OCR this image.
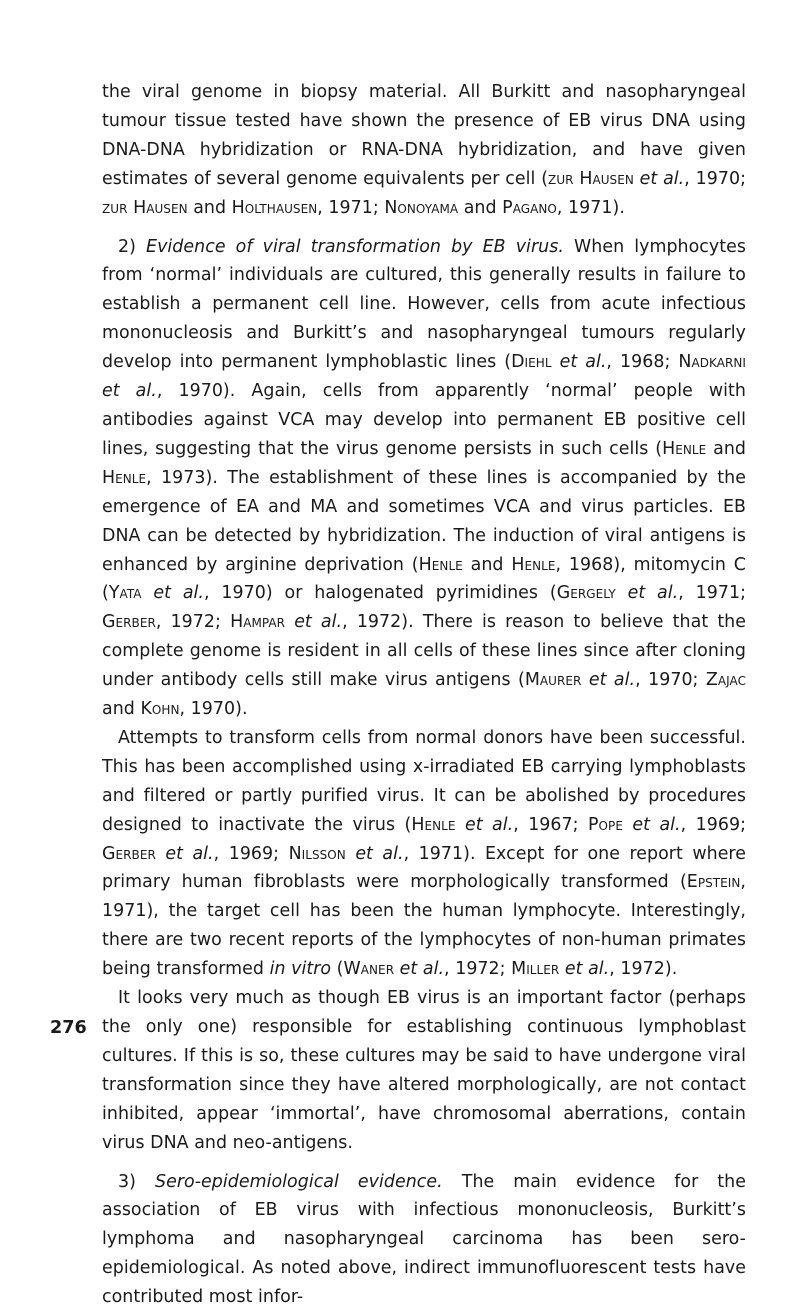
the viral genome in biopsy material. All Burkitt and nasopharyngeal tumour tissue tested have shown the presence of EB virus DNA using DNA-DNA hybridization or RNA-DNA hybridization, and have given estimates of several genome equivalents per cell (zur Hausen et al., 1970; zur Hausen and Holthausen, 1971; Nonoyama and Pagano, 1971).

2) Evidence of viral transformation by EB virus. When lymphocytes from ‘normal’ individuals are cultured, this generally results in failure to establish a permanent cell line. However, cells from acute infectious mononucleosis and Burkitt’s and nasopharyngeal tumours regularly develop into permanent lymphoblastic lines (Diehl et al., 1968; Nadkarni et al., 1970). Again, cells from apparently ‘normal’ people with antibodies against VCA may develop into permanent EB positive cell lines, suggesting that the virus genome persists in such cells (Henle and Henle, 1973). The establishment of these lines is accompanied by the emergence of EA and MA and sometimes VCA and virus particles. EB DNA can be detected by hybridization. The induction of viral antigens is enhanced by arginine deprivation (Henle and Henle, 1968), mitomycin C (Yata et al., 1970) or halogenated pyrimidines (Gergely et al., 1971; Gerber, 1972; Hampar et al., 1972). There is reason to believe that the complete genome is resident in all cells of these lines since after cloning under antibody cells still make virus antigens (Maurer et al., 1970; Zajac and Kohn, 1970).

Attempts to transform cells from normal donors have been successful. This has been accomplished using x-irradiated EB carrying lymphoblasts and filtered or partly purified virus. It can be abolished by procedures designed to inactivate the virus (Henle et al., 1967; Pope et al., 1969; Gerber et al., 1969; Nilsson et al., 1971). Except for one report where primary human fibroblasts were morphologically transformed (Epstein, 1971), the target cell has been the human lymphocyte. Interestingly, there are two recent reports of the lymphocytes of non-human primates being transformed in vitro (Waner et al., 1972; Miller et al., 1972).

It looks very much as though EB virus is an important factor (perhaps the only one) responsible for establishing continuous lymphoblast cultures. If this is so, these cultures may be said to have undergone viral transformation since they have altered morphologically, are not contact inhibited, appear ‘immortal’, have chromosomal aberrations, contain virus DNA and neo-antigens.

3) Sero-epidemiological evidence. The main evidence for the association of EB virus with infectious mononucleosis, Burkitt’s lymphoma and nasopharyngeal carcinoma has been sero-epidemiological. As noted above, indirect immunofluorescent tests have contributed most infor-

276
